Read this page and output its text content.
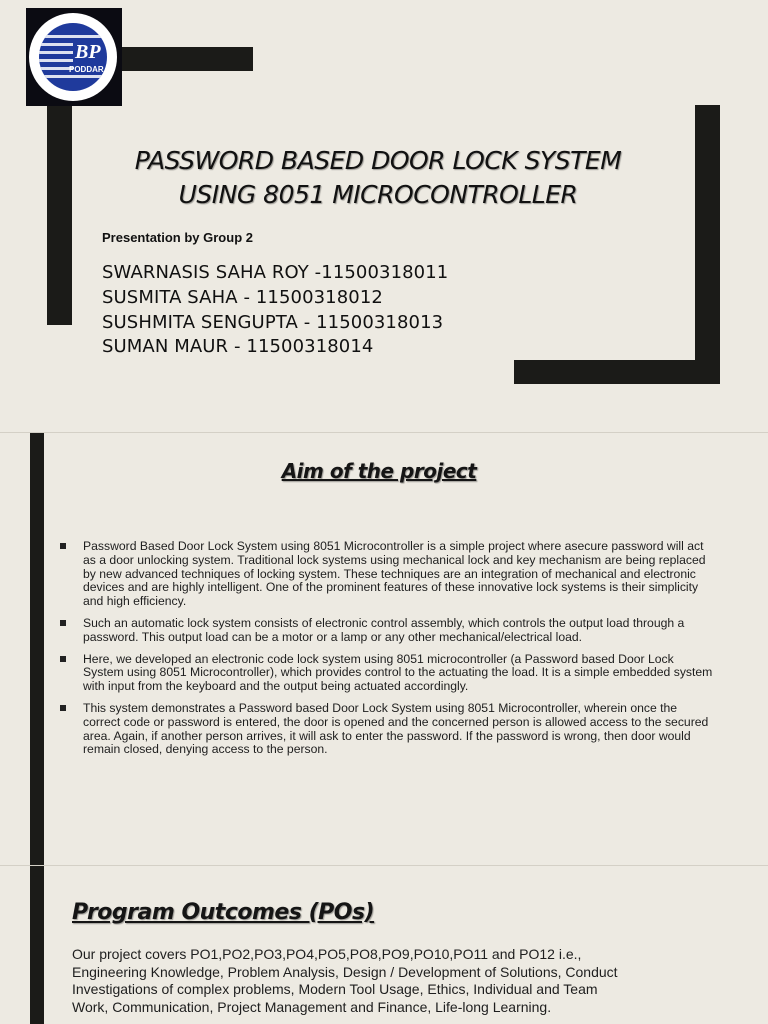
BP
PODDAR
PASSWORD BASED DOOR LOCK SYSTEM
USING 8051 MICROCONTROLLER
Presentation by Group 2
SWARNASIS SAHA ROY -11500318011
SUSMITA SAHA - 11500318012
SUSHMITA SENGUPTA - 11500318013
SUMAN MAUR - 11500318014
Aim of the project
Password Based Door Lock System using 8051 Microcontroller is a simple project where asecure password will act as a door unlocking system. Traditional lock systems using mechanical lock and key mechanism are being replaced by new advanced techniques of locking system. These techniques are an integration of mechanical and electronic devices and are highly intelligent. One of the prominent features of these innovative lock systems is their simplicity and high efficiency.
Such an automatic lock system consists of electronic control assembly, which controls the output load through a password. This output load can be a motor or a lamp or any other mechanical/electrical load.
Here, we developed an electronic code lock system using 8051 microcontroller (a Password based Door Lock System using 8051 Microcontroller), which provides control to the actuating the load. It is a simple embedded system with input from the keyboard and the output being actuated accordingly.
This system demonstrates a Password based Door Lock System using 8051 Microcontroller, wherein once the correct code or password is entered, the door is opened and the concerned person is allowed access to the secured area. Again, if another person arrives, it will ask to enter the password. If the password is wrong, then door would remain closed, denying access to the person.
Program Outcomes (POs)
Our project covers PO1,PO2,PO3,PO4,PO5,PO8,PO9,PO10,PO11 and PO12 i.e., Engineering Knowledge, Problem Analysis, Design / Development of Solutions, Conduct Investigations of complex problems, Modern Tool Usage, Ethics, Individual and Team Work, Communication, Project Management and Finance, Life-long Learning.
